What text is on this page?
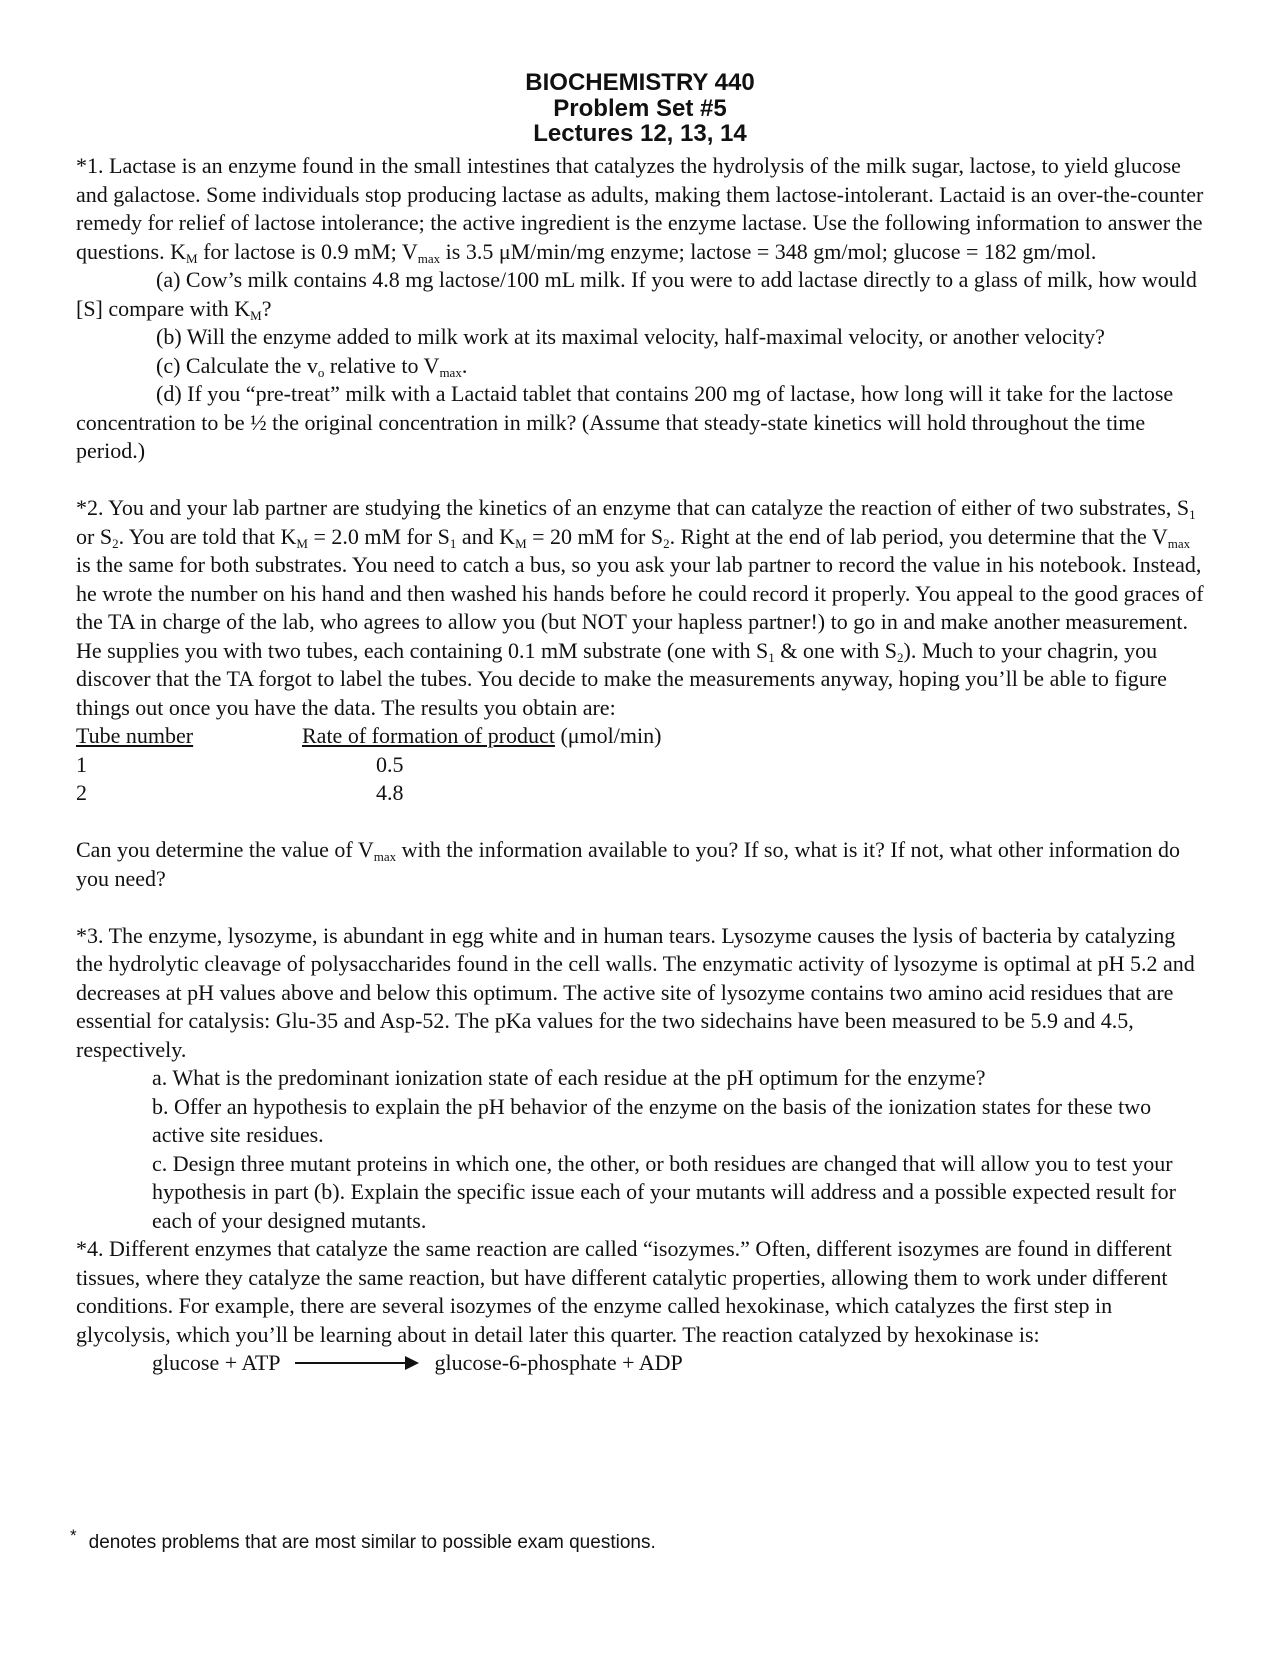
BIOCHEMISTRY 440
Problem Set #5
Lectures 12, 13, 14

*1. Lactase is an enzyme found in the small intestines that catalyzes the hydrolysis of the milk sugar, lactose, to yield glucose and galactose. Some individuals stop producing lactase as adults, making them lactose-intolerant. Lactaid is an over-the-counter remedy for relief of lactose intolerance; the active ingredient is the enzyme lactase. Use the following information to answer the questions. $K_M$ for lactose is 0.9 mM; $V_{max}$ is 3.5 μM/min/mg enzyme; lactose = 348 gm/mol; glucose = 182 gm/mol.

(a) Cow’s milk contains 4.8 mg lactose/100 mL milk. If you were to add lactase directly to a glass of milk, how would [S] compare with $K_M$?

(b) Will the enzyme added to milk work at its maximal velocity, half-maximal velocity, or another velocity?

(c) Calculate the $v_o$ relative to $V_{max}$.

(d) If you “pre-treat” milk with a Lactaid tablet that contains 200 mg of lactase, how long will it take for the lactose concentration to be ½ the original concentration in milk? (Assume that steady-state kinetics will hold throughout the time period.)

*2. You and your lab partner are studying the kinetics of an enzyme that can catalyze the reaction of either of two substrates, $S_1$ or $S_2$. You are told that $K_M = 2.0$ mM for $S_1$ and $K_M = 20$ mM for $S_2$. Right at the end of lab period, you determine that the $V_{max}$ is the same for both substrates. You need to catch a bus, so you ask your lab partner to record the value in his notebook. Instead, he wrote the number on his hand and then washed his hands before he could record it properly. You appeal to the good graces of the TA in charge of the lab, who agrees to allow you (but NOT your hapless partner!) to go in and make another measurement. He supplies you with two tubes, each containing 0.1 mM substrate (one with $S_1$ & one with $S_2$). Much to your chagrin, you discover that the TA forgot to label the tubes. You decide to make the measurements anyway, hoping you’ll be able to figure things out once you have the data. The results you obtain are:

Tube number	Rate of formation of product (μmol/min)
1	0.5
2	4.8

Can you determine the value of $V_{max}$ with the information available to you? If so, what is it? If not, what other information do you need?

*3. The enzyme, lysozyme, is abundant in egg white and in human tears. Lysozyme causes the lysis of bacteria by catalyzing the hydrolytic cleavage of polysaccharides found in the cell walls. The enzymatic activity of lysozyme is optimal at pH 5.2 and decreases at pH values above and below this optimum. The active site of lysozyme contains two amino acid residues that are essential for catalysis: Glu-35 and Asp-52. The pKa values for the two sidechains have been measured to be 5.9 and 4.5, respectively.

a. What is the predominant ionization state of each residue at the pH optimum for the enzyme?

b. Offer an hypothesis to explain the pH behavior of the enzyme on the basis of the ionization states for these two active site residues.

c. Design three mutant proteins in which one, the other, or both residues are changed that will allow you to test your hypothesis in part (b). Explain the specific issue each of your mutants will address and a possible expected result for each of your designed mutants.

*4. Different enzymes that catalyze the same reaction are called “isozymes.” Often, different isozymes are found in different tissues, where they catalyze the same reaction, but have different catalytic properties, allowing them to work under different conditions. For example, there are several isozymes of the enzyme called hexokinase, which catalyzes the first step in glycolysis, which you’ll be learning about in detail later this quarter. The reaction catalyzed by hexokinase is:

glucose + ATP	glucose-6-phosphate + ADP
* denotes problems that are most similar to possible exam questions.
